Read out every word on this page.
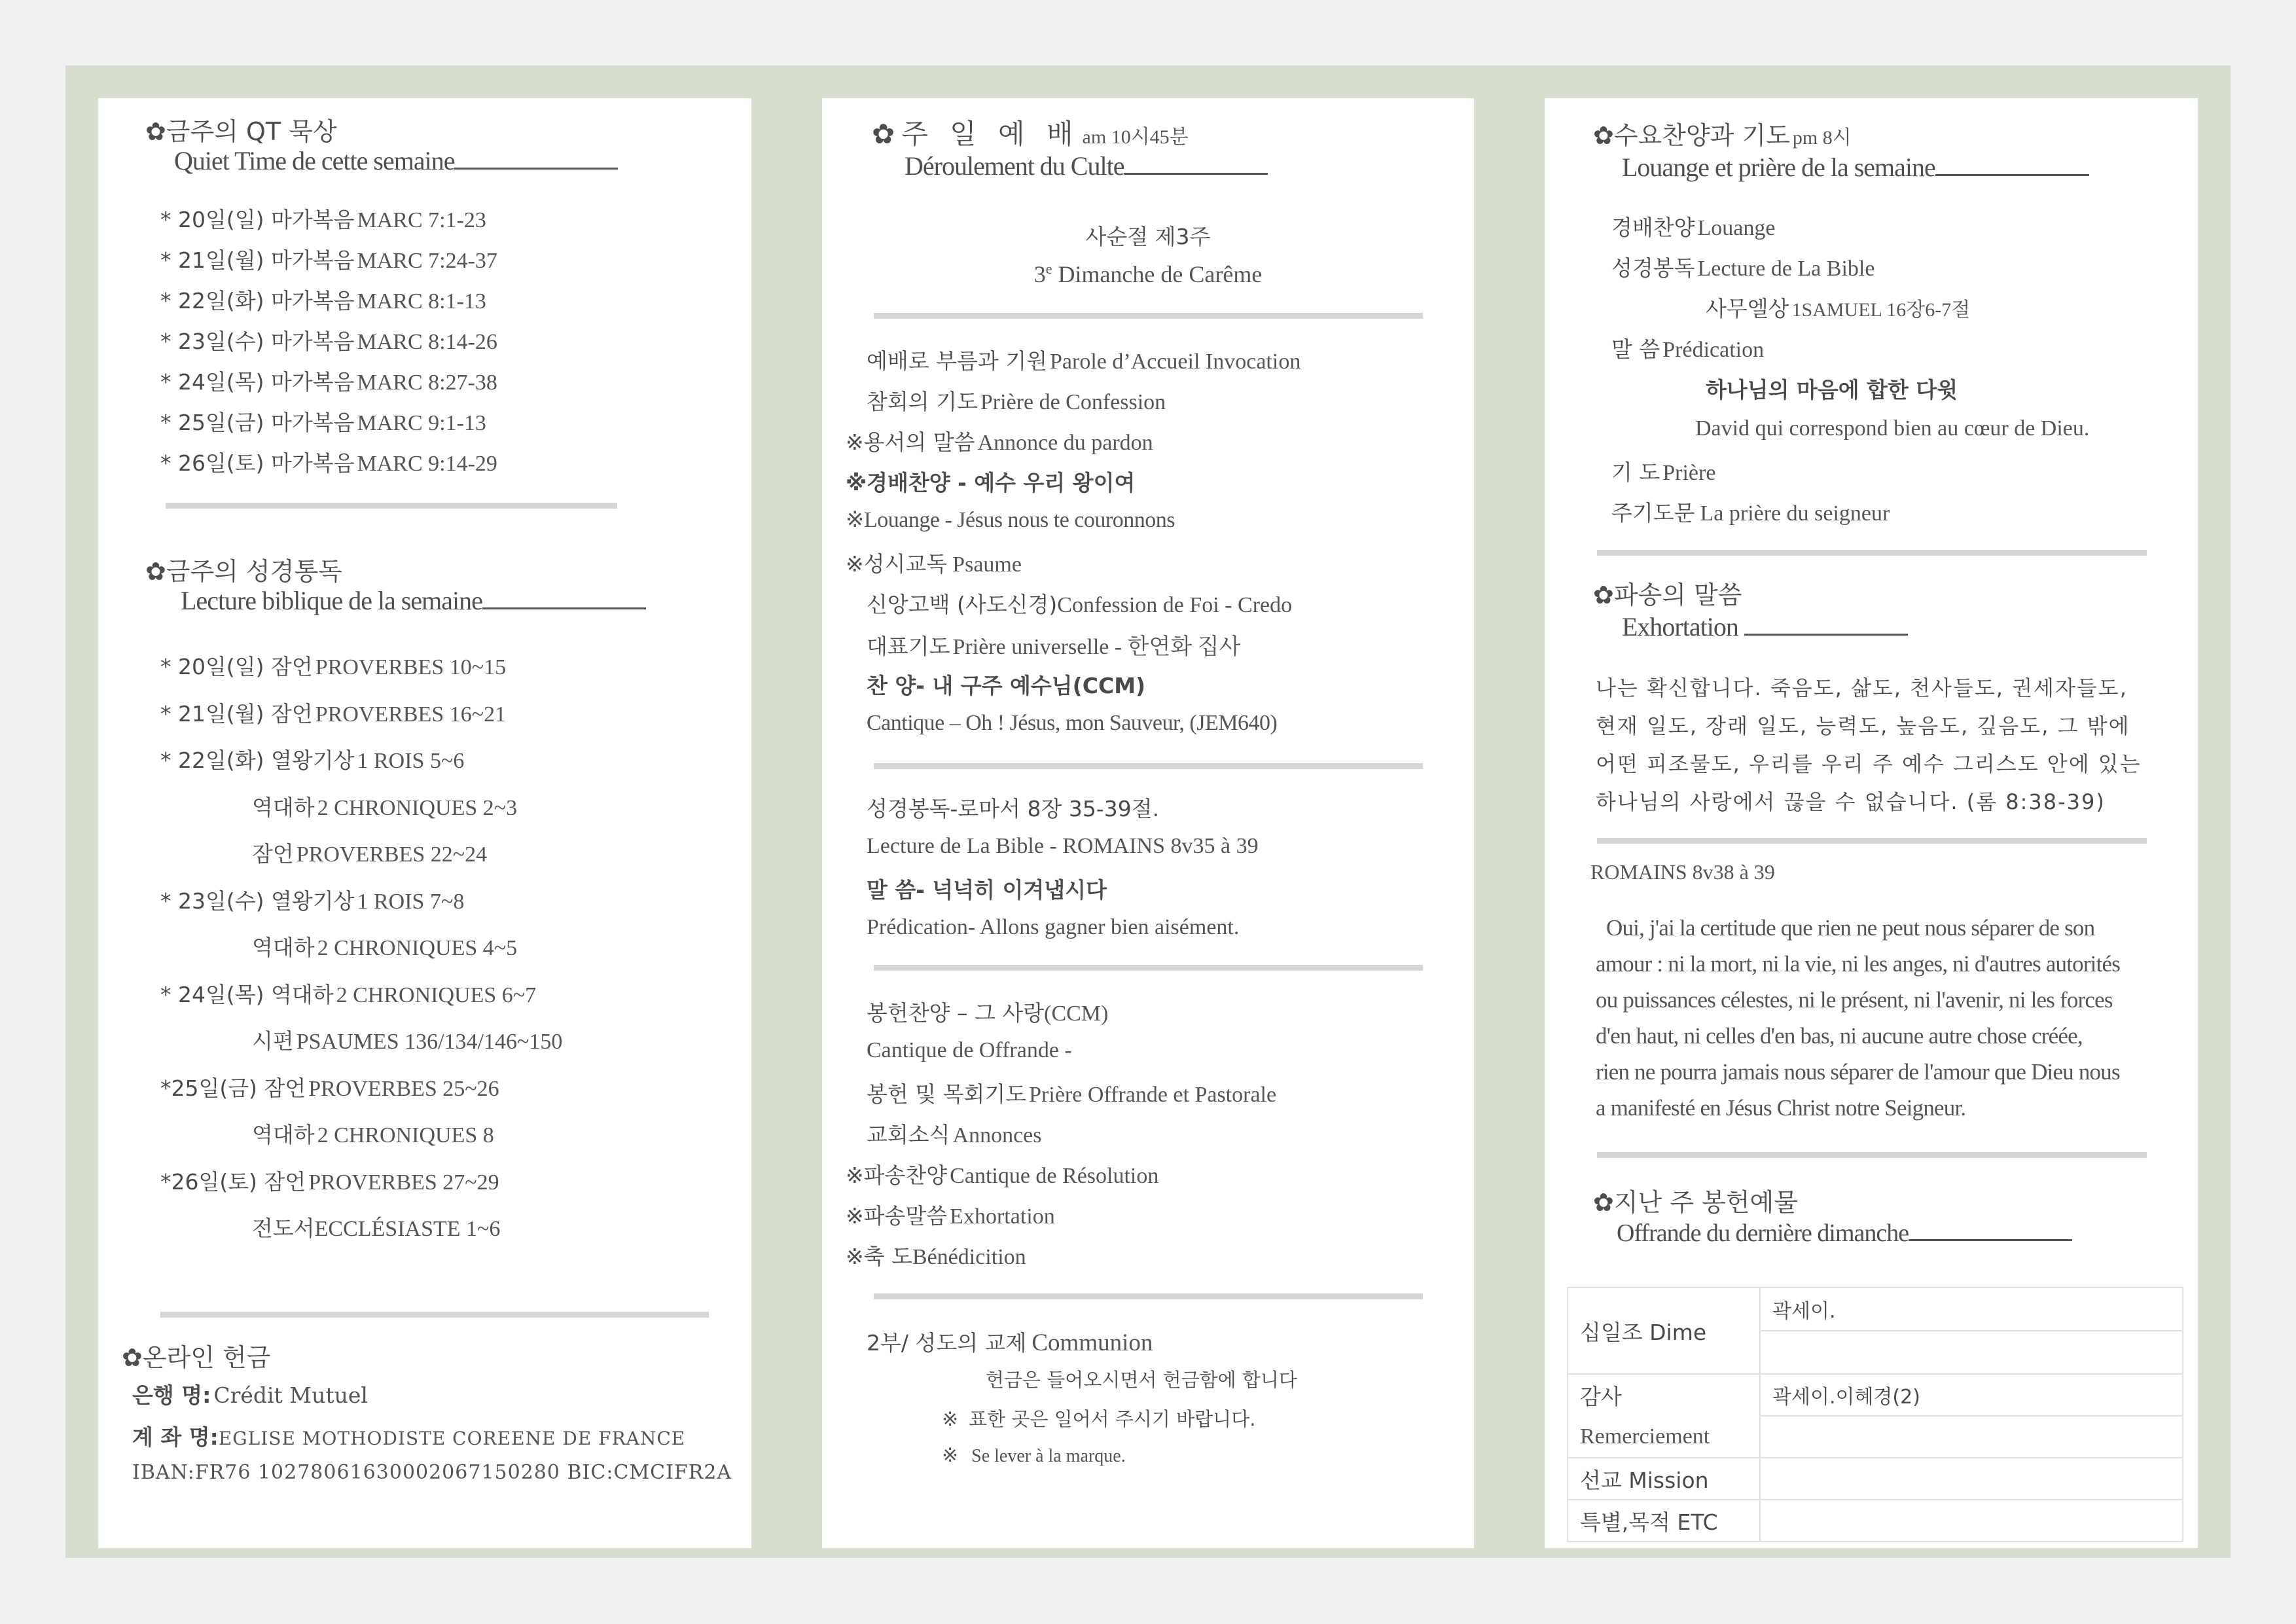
✿금주의 QT 묵상
Quiet Time de cette semaine
* 20일(일) 마가복음 MARC 7:1-23
* 21일(월) 마가복음 MARC 7:24-37
* 22일(화) 마가복음 MARC 8:1-13
* 23일(수) 마가복음 MARC 8:14-26
* 24일(목) 마가복음 MARC 8:27-38
* 25일(금) 마가복음 MARC 9:1-13
* 26일(토) 마가복음 MARC 9:14-29
✿금주의 성경통독
Lecture biblique de la semaine
* 20일(일) 잠언 PROVERBES 10~15
* 21일(월) 잠언 PROVERBES 16~21
* 22일(화) 열왕기상 1 ROIS 5~6
역대하 2 CHRONIQUES 2~3
잠언 PROVERBES 22~24
* 23일(수) 열왕기상 1 ROIS 7~8
역대하 2 CHRONIQUES 4~5
* 24일(목) 역대하 2 CHRONIQUES 6~7
시편 PSAUMES 136/134/146~150
*25일(금) 잠언 PROVERBES 25~26
역대하 2 CHRONIQUES 8
*26일(토) 잠언 PROVERBES 27~29
전도서ECCLÉSIASTE 1~6
✿온라인 헌금
은행 명: Crédit Mutuel
계 좌 명:EGLISE MOTHODISTE COREENE DE FRANCE
IBAN:FR76 10278061630002067150280 BIC:CMCIFR2A
✿주 일 예 배 am 10시45분
Déroulement du Culte
사순절 제3주
3e Dimanche de Carême
예배로 부름과 기원 Parole d’Accueil Invocation
참회의 기도 Prière de Confession
※용서의 말씀 Annonce du pardon
※경배찬양 - 예수 우리 왕이여
※Louange - Jésus nous te couronnons
※성시교독 Psaume
신앙고백 (사도신경)Confession de Foi - Credo
대표기도 Prière universelle - 한연화 집사
찬 양- 내 구주 예수님(CCM)
Cantique – Oh ! Jésus, mon Sauveur, (JEM640)
성경봉독-로마서 8장 35-39절.
Lecture de La Bible - ROMAINS 8v35 à 39
말 씀- 넉넉히 이겨냅시다
Prédication- Allons gagner bien aisément.
봉헌찬양 – 그 사랑(CCM)
Cantique de Offrande -
봉헌 및 목회기도 Prière Offrande et Pastorale
교회소식 Annonces
※파송찬양 Cantique de Résolution
※파송말씀 Exhortation
※축 도Bénédicition
2부/ 성도의 교제 Communion
헌금은 들어오시면서 헌금함에 합니다
※ 표한 곳은 일어서 주시기 바랍니다.
※ Se lever à la marque.
✿수요찬양과 기도 pm 8시
Louange et prière de la semaine
경배찬양 Louange
성경봉독 Lecture de La Bible
사무엘상 1SAMUEL 16장6-7절
말 씀 Prédication
하나님의 마음에 합한 다윗
David qui correspond bien au cœur de Dieu.
기 도 Prière
주기도문 La prière du seigneur
✿파송의 말씀
Exhortation
나는 확신합니다. 죽음도, 삶도, 천사들도, 권세자들도,
현재 일도, 장래 일도, 능력도, 높음도, 깊음도, 그 밖에
어떤 피조물도, 우리를 우리 주 예수 그리스도 안에 있는
하나님의 사랑에서 끊을 수 없습니다. (롬 8:38-39)
ROMAINS 8v38 à 39
Oui, j'ai la certitude que rien ne peut nous séparer de son
amour : ni la mort, ni la vie, ni les anges, ni d'autres autorités
ou puissances célestes, ni le présent, ni l'avenir, ni les forces
d'en haut, ni celles d'en bas, ni aucune autre chose créée,
rien ne pourra jamais nous séparer de l'amour que Dieu nous
a manifesté en Jésus Christ notre Seigneur.
✿지난 주 봉헌예물
Offrande du dernière dimanche
십일조 Dime	곽세이.

감사	곽세이.이혜경(2)
Remerciement	
선교 Mission	
특별,목적 ETC	
